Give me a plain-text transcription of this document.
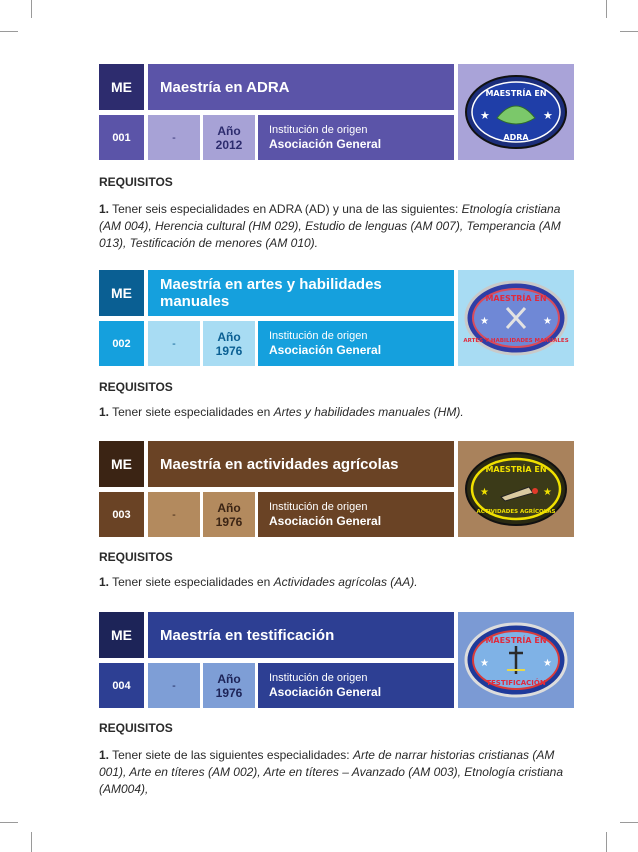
ME	Maestría en ADRA
001	-	Año
2012
Institución de origen
Asociación General
★	★
MAESTRÍA EN
ADRA
REQUISITOS
1. Tener seis especialidades en ADRA (AD) y una de las siguientes: Etnología cristiana (AM 004), Herencia cultural (HM 029), Estudio de lenguas (AM 007), Temperancia (AM 013), Testificación de menores (AM 010).
ME	Maestría en artes y habilidades manuales
002	-	Año
1976
Institución de origen
Asociación General
★	★
MAESTRÍA EN
ARTES Y HABILIDADES MANUALES
REQUISITOS
1. Tener siete especialidades en Artes y habilidades manuales (HM).
ME	Maestría en actividades agrícolas
003	-	Año
1976
Institución de origen
Asociación General
★	★
MAESTRÍA EN
ACTIVIDADES AGRÍCOLAS
REQUISITOS
1. Tener siete especialidades en Actividades agrícolas (AA).
ME	Maestría en testificación
004	-	Año
1976
Institución de origen
Asociación General
★	★
MAESTRÍA EN
TESTIFICACIÓN
REQUISITOS
1. Tener siete de las siguientes especialidades: Arte de narrar historias cristianas (AM 001), Arte en títeres (AM 002), Arte en títeres – Avanzado (AM 003), Etnología cristiana (AM004),
